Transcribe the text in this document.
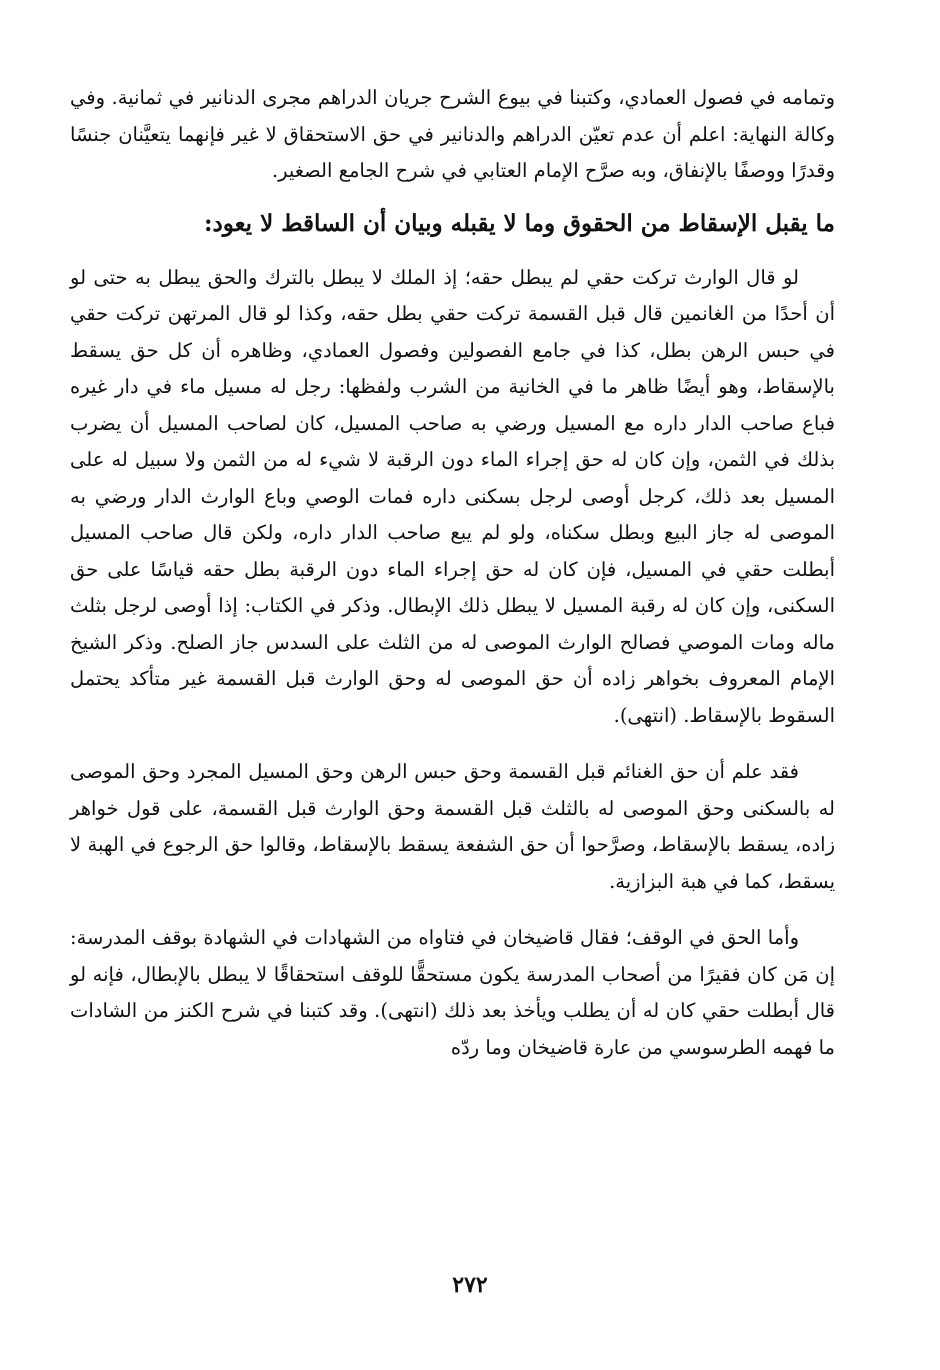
وتمامه في فصول العمادي، وكتبنا في بيوع الشرح جريان الدراهم مجرى الدنانير في ثمانية. وفي وكالة النهاية: اعلم أن عدم تعيّن الدراهم والدنانير في حق الاستحقاق لا غير فإنهما يتعيَّنان جنسًا وقدرًا ووصفًا بالإنفاق، وبه صرَّح الإمام العتابي في شرح الجامع الصغير.

ما يقبل الإسقاط من الحقوق وما لا يقبله وبيان أن الساقط لا يعود:

لو قال الوارث تركت حقي لم يبطل حقه؛ إذ الملك لا يبطل بالترك والحق يبطل به حتى لو أن أحدًا من الغانمين قال قبل القسمة تركت حقي بطل حقه، وكذا لو قال المرتهن تركت حقي في حبس الرهن بطل، كذا في جامع الفصولين وفصول العمادي، وظاهره أن كل حق يسقط بالإسقاط، وهو أيضًا ظاهر ما في الخانية من الشرب ولفظها: رجل له مسيل ماء في دار غيره فباع صاحب الدار داره مع المسيل ورضي به صاحب المسيل، كان لصاحب المسيل أن يضرب بذلك في الثمن، وإن كان له حق إجراء الماء دون الرقبة لا شيء له من الثمن ولا سبيل له على المسيل بعد ذلك، كرجل أوصى لرجل بسكنى داره فمات الوصي وباع الوارث الدار ورضي به الموصى له جاز البيع وبطل سكناه، ولو لم يبع صاحب الدار داره، ولكن قال صاحب المسيل أبطلت حقي في المسيل، فإن كان له حق إجراء الماء دون الرقبة بطل حقه قياسًا على حق السكنى، وإن كان له رقبة المسيل لا يبطل ذلك الإبطال. وذكر في الكتاب: إذا أوصى لرجل بثلث ماله ومات الموصي فصالح الوارث الموصى له من الثلث على السدس جاز الصلح. وذكر الشيخ الإمام المعروف بخواهر زاده أن حق الموصى له وحق الوارث قبل القسمة غير متأكد يحتمل السقوط بالإسقاط. (انتهى).

فقد علم أن حق الغنائم قبل القسمة وحق حبس الرهن وحق المسيل المجرد وحق الموصى له بالسكنى وحق الموصى له بالثلث قبل القسمة وحق الوارث قبل القسمة، على قول خواهر زاده، يسقط بالإسقاط، وصرَّحوا أن حق الشفعة يسقط بالإسقاط، وقالوا حق الرجوع في الهبة لا يسقط، كما في هبة البزازية.

وأما الحق في الوقف؛ فقال قاضيخان في فتاواه من الشهادات في الشهادة بوقف المدرسة: إن مَن كان فقيرًا من أصحاب المدرسة يكون مستحقًّا للوقف استحقاقًا لا يبطل بالإبطال، فإنه لو قال أبطلت حقي كان له أن يطلب ويأخذ بعد ذلك (انتهى). وقد كتبنا في شرح الكنز من الشادات ما فهمه الطرسوسي من عارة قاضيخان وما ردّه

٢٧٢
